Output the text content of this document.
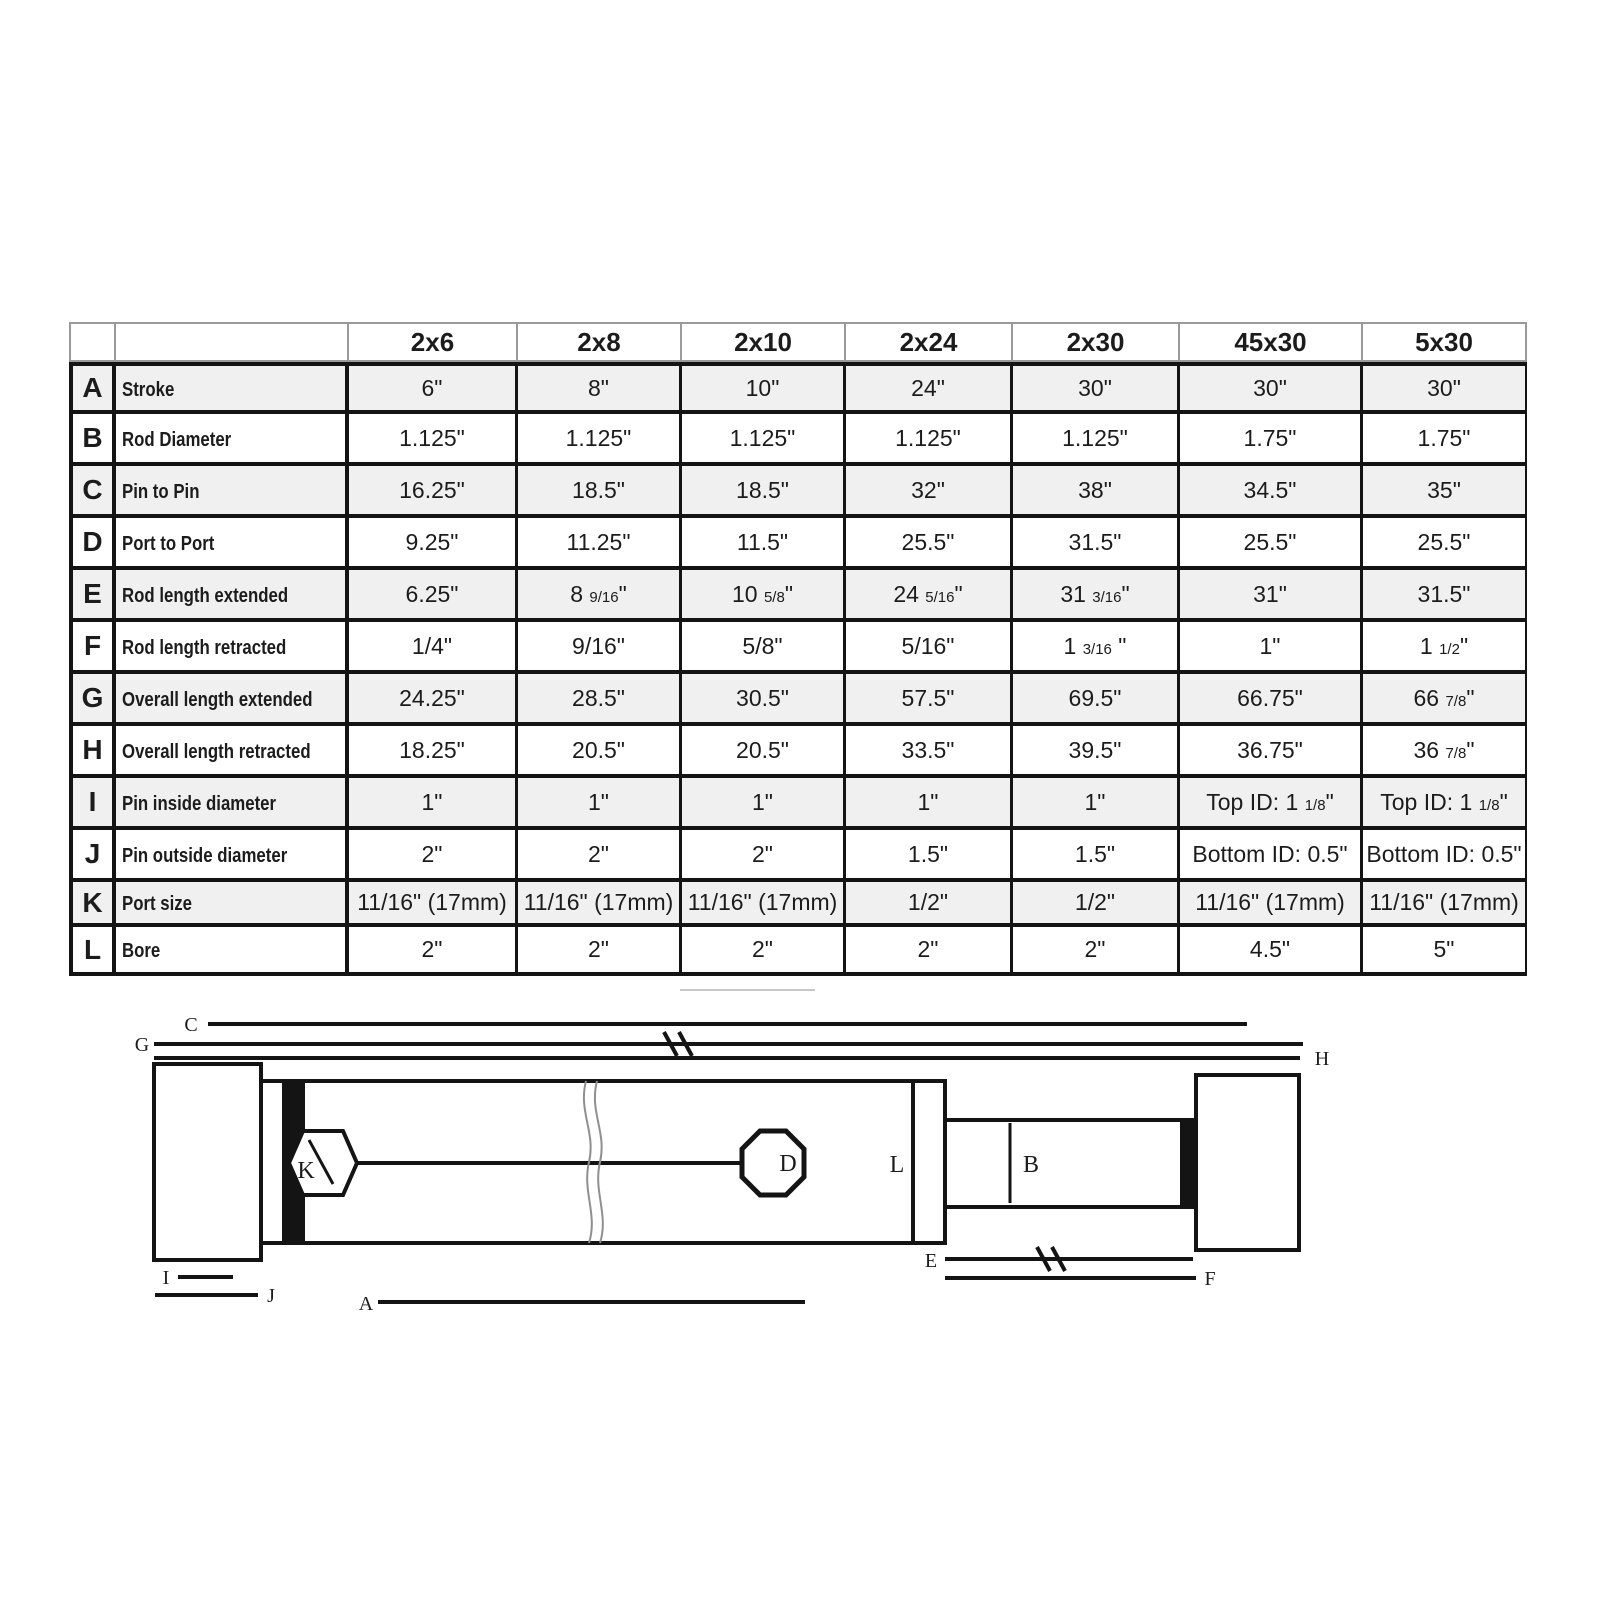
		2x6	2x8	2x10	2x24	2x30	45x30	5x30
A	Stroke	6"	8"	10"	24"	30"	30"	30"
B	Rod Diameter	1.125"	1.125"	1.125"	1.125"	1.125"	1.75"	1.75"
C	Pin to Pin	16.25"	18.5"	18.5"	32"	38"	34.5"	35"
D	Port to Port	9.25"	11.25"	11.5"	25.5"	31.5"	25.5"	25.5"
E	Rod length extended	6.25"	8 9/16"	10 5/8"	24 5/16"	31 3/16"	31"	31.5"
F	Rod length retracted	1/4"	9/16"	5/8"	5/16"	1 3/16 "	1"	1 1/2"
G	Overall length extended	24.25"	28.5"	30.5"	57.5"	69.5"	66.75"	66 7/8"
H	Overall length retracted	18.25"	20.5"	20.5"	33.5"	39.5"	36.75"	36 7/8"
I	Pin inside diameter	1"	1"	1"	1"	1"	Top ID: 1 1/8"	Top ID: 1 1/8"
J	Pin outside diameter	2"	2"	2"	1.5"	1.5"	Bottom ID: 0.5"	Bottom ID: 0.5"
K	Port size	11/16" (17mm)	11/16" (17mm)	11/16" (17mm)	1/2"	1/2"	11/16" (17mm)	11/16" (17mm)
L	Bore	2"	2"	2"	2"	2"	4.5"	5"
C
G
H
K	D	L	B
E
F
I
J	A
